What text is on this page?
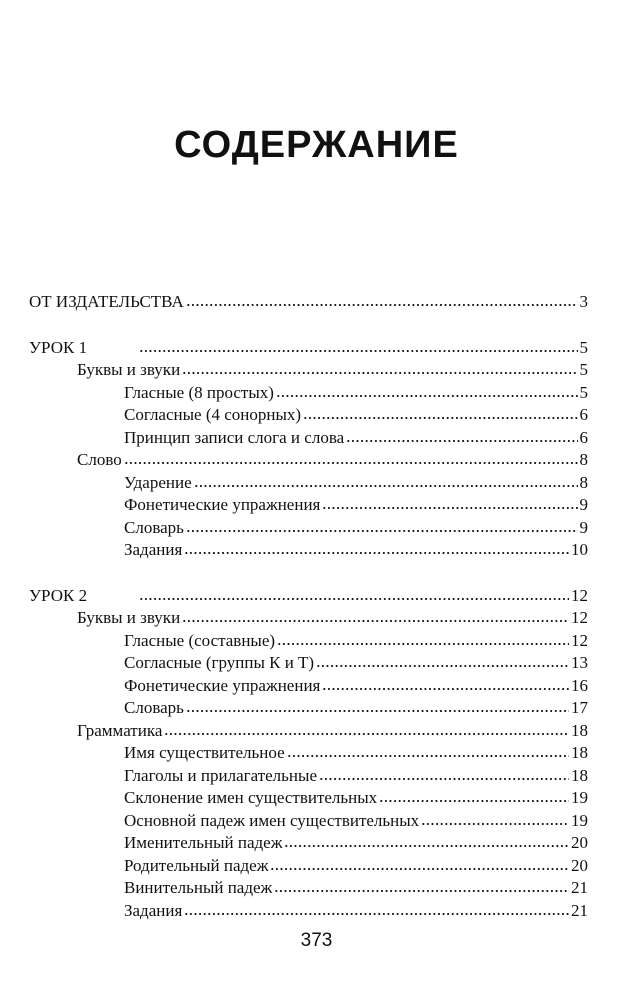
СОДЕРЖАНИЕ
ОТ ИЗДАТЕЛЬСТВА	3
УРОК 1	5
Буквы и звуки	5
Гласные (8 простых)	5
Согласные (4 сонорных)	6
Принцип записи слога и слова	6
Слово	8
Ударение	8
Фонетические упражнения	9
Словарь	9
Задания	10
УРОК 2	12
Буквы и звуки	12
Гласные (составные)	12
Согласные (группы К и Т)	13
Фонетические упражнения	16
Словарь	17
Грамматика	18
Имя существительное	18
Глаголы и прилагательные	18
Склонение имен существительных	19
Основной падеж имен существительных	19
Именительный падеж	20
Родительный падеж	20
Винительный падеж	21
Задания	21
373
